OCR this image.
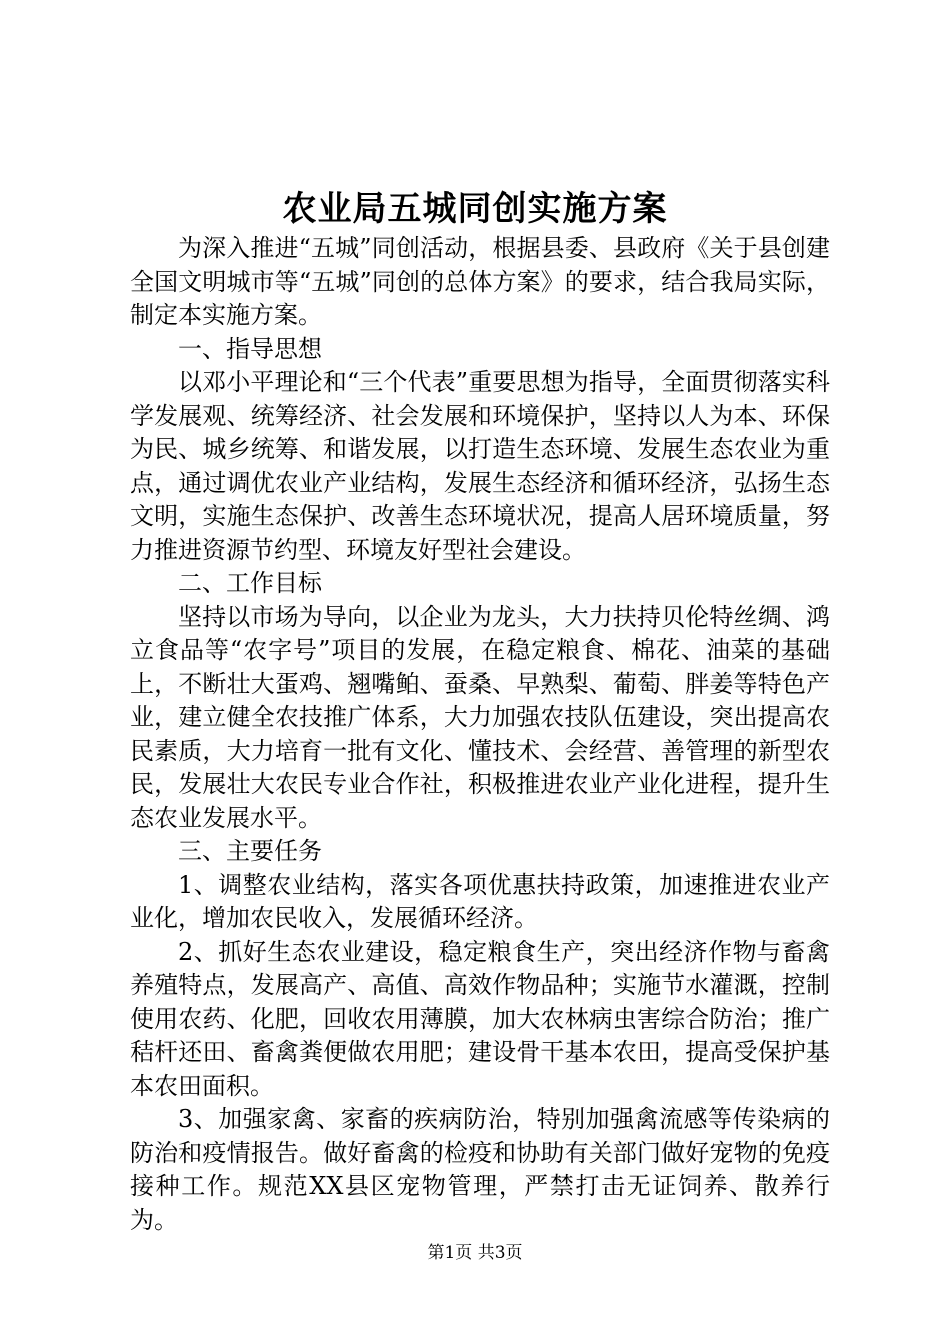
农业局五城同创实施方案

为深入推进“五城”同创活动，根据县委、县政府《关于县创建全国文明城市等“五城”同创的总体方案》的要求，结合我局实际，制定本实施方案。

一、指导思想

以邓小平理论和“三个代表”重要思想为指导，全面贯彻落实科学发展观、统筹经济、社会发展和环境保护，坚持以人为本、环保为民、城乡统筹、和谐发展，以打造生态环境、发展生态农业为重点，通过调优农业产业结构，发展生态经济和循环经济，弘扬生态文明，实施生态保护、改善生态环境状况，提高人居环境质量，努力推进资源节约型、环境友好型社会建设。

二、工作目标

坚持以市场为导向，以企业为龙头，大力扶持贝伦特丝绸、鸿立食品等“农字号”项目的发展，在稳定粮食、棉花、油菜的基础上，不断壮大蛋鸡、翘嘴鲌、蚕桑、早熟梨、葡萄、胖姜等特色产业，建立健全农技推广体系，大力加强农技队伍建设，突出提高农民素质，大力培育一批有文化、懂技术、会经营、善管理的新型农民，发展壮大农民专业合作社，积极推进农业产业化进程，提升生态农业发展水平。

三、主要任务

1、调整农业结构，落实各项优惠扶持政策，加速推进农业产业化，增加农民收入，发展循环经济。

2、抓好生态农业建设，稳定粮食生产，突出经济作物与畜禽养殖特点，发展高产、高值、高效作物品种；实施节水灌溉，控制使用农药、化肥，回收农用薄膜，加大农林病虫害综合防治；推广秸杆还田、畜禽粪便做农用肥；建设骨干基本农田，提高受保护基本农田面积。

3、加强家禽、家畜的疾病防治，特别加强禽流感等传染病的防治和疫情报告。做好畜禽的检疫和协助有关部门做好宠物的免疫接种工作。规范XX县区宠物管理，严禁打击无证饲养、散养行为。

第1页 共3页
